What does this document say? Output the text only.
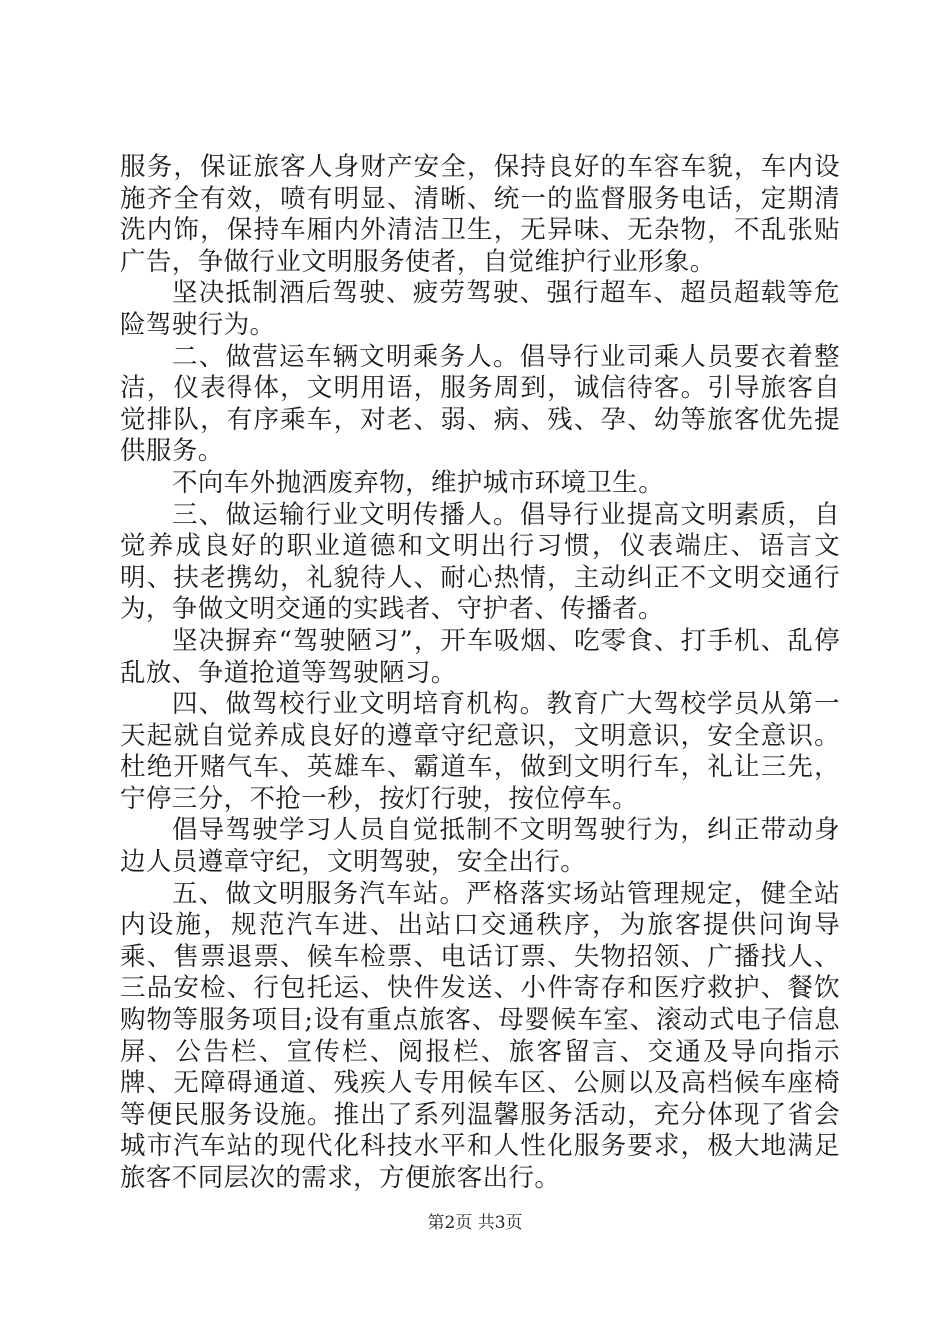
服务，保证旅客人身财产安全，保持良好的车容车貌，车内设施齐全有效，喷有明显、清晰、统一的监督服务电话，定期清洗内饰，保持车厢内外清洁卫生，无异味、无杂物，不乱张贴广告，争做行业文明服务使者，自觉维护行业形象。

坚决抵制酒后驾驶、疲劳驾驶、强行超车、超员超载等危险驾驶行为。

二、做营运车辆文明乘务人。倡导行业司乘人员要衣着整洁，仪表得体，文明用语，服务周到，诚信待客。引导旅客自觉排队，有序乘车，对老、弱、病、残、孕、幼等旅客优先提供服务。

不向车外抛洒废弃物，维护城市环境卫生。

三、做运输行业文明传播人。倡导行业提高文明素质，自觉养成良好的职业道德和文明出行习惯，仪表端庄、语言文明、扶老携幼，礼貌待人、耐心热情，主动纠正不文明交通行为，争做文明交通的实践者、守护者、传播者。

坚决摒弃“驾驶陋习”，开车吸烟、吃零食、打手机、乱停乱放、争道抢道等驾驶陋习。

四、做驾校行业文明培育机构。教育广大驾校学员从第一天起就自觉养成良好的遵章守纪意识，文明意识，安全意识。杜绝开赌气车、英雄车、霸道车，做到文明行车，礼让三先，宁停三分，不抢一秒，按灯行驶，按位停车。

倡导驾驶学习人员自觉抵制不文明驾驶行为，纠正带动身边人员遵章守纪，文明驾驶，安全出行。

五、做文明服务汽车站。严格落实场站管理规定，健全站内设施，规范汽车进、出站口交通秩序，为旅客提供问询导乘、售票退票、候车检票、电话订票、失物招领、广播找人、三品安检、行包托运、快件发送、小件寄存和医疗救护、餐饮购物等服务项目;设有重点旅客、母婴候车室、滚动式电子信息屏、公告栏、宣传栏、阅报栏、旅客留言、交通及导向指示牌、无障碍通道、残疾人专用候车区、公厕以及高档候车座椅等便民服务设施。推出了系列温馨服务活动，充分体现了省会城市汽车站的现代化科技水平和人性化服务要求，极大地满足旅客不同层次的需求，方便旅客出行。

第2页 共3页
